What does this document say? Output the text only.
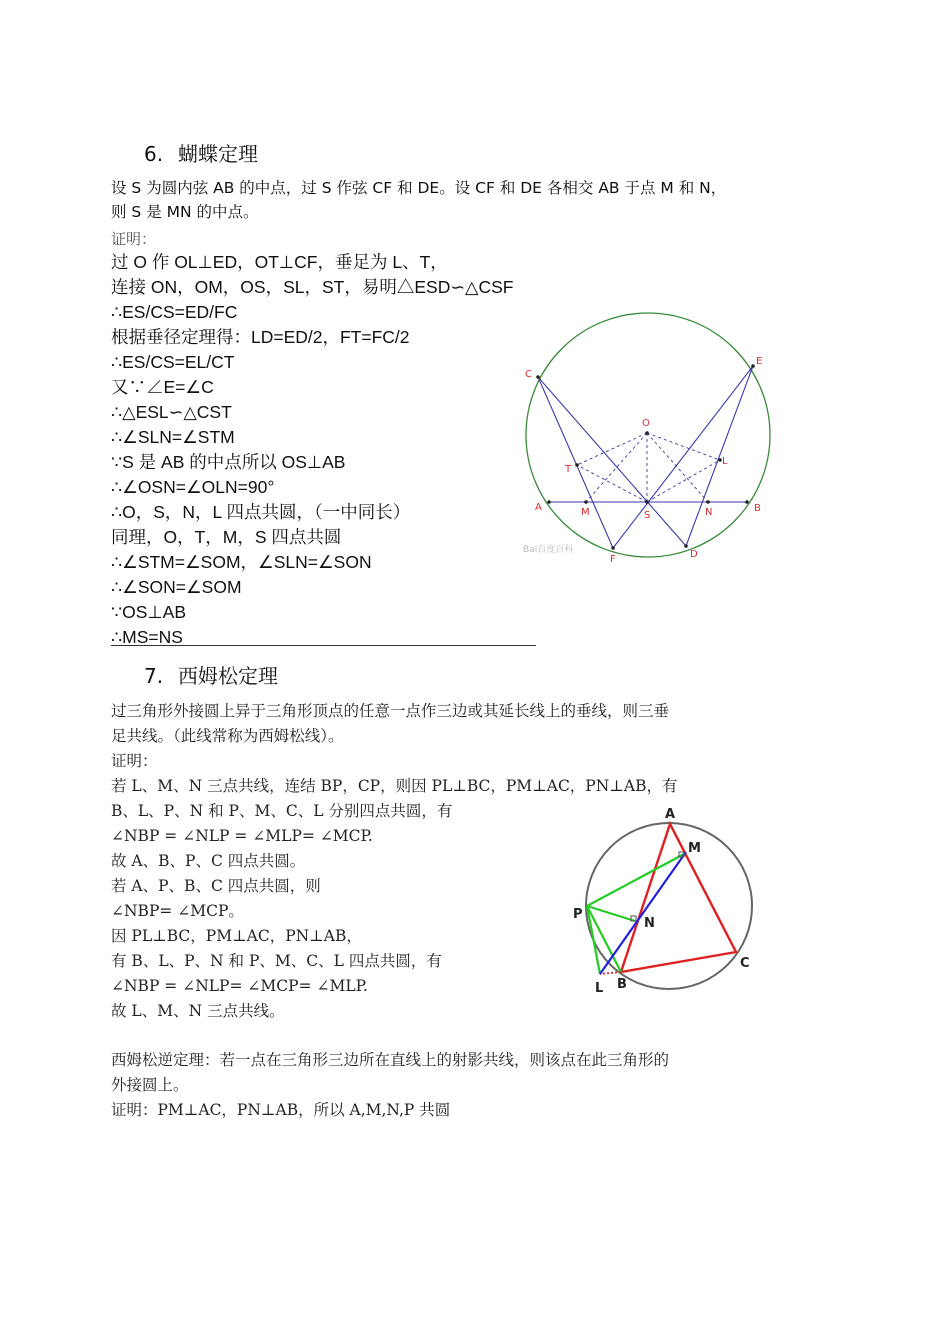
6. 蝴蝶定理
设 S 为圆内弦 AB 的中点，过 S 作弦 CF 和 DE。设 CF 和 DE 各相交 AB 于点 M 和 N，
则 S 是 MN 的中点。
证明：
过 O 作 OL⊥ED，OT⊥CF，垂足为 L、T，
连接 ON，OM，OS，SL，ST，易明△ESD∽△CSF
∴ES/CS=ED/FC
根据垂径定理得：LD=ED/2，FT=FC/2
∴ES/CS=EL/CT
又∵∠E=∠C
∴△ESL∽△CST
∴∠SLN=∠STM
∵S 是 AB 的中点所以 OS⊥AB
∴∠OSN=∠OLN=90°
∴O，S，N，L 四点共圆，（一中同长）
同理，O，T，M，S 四点共圆
∴∠STM=∠SOM，∠SLN=∠SON
∴∠SON=∠SOM
∵OS⊥AB
∴MS=NS
C
E
O
T
L
A	M	S	N	B
F	D
Bai百度百科
7. 西姆松定理
过三角形外接圆上异于三角形顶点的任意一点作三边或其延长线上的垂线，则三垂
足共线。（此线常称为西姆松线）。
证明：
若 L、M、N 三点共线，连结 BP，CP，则因 PL⊥BC，PM⊥AC，PN⊥AB，有
B、L、P、N 和 P、M、C、L 分别四点共圆，有
∠NBP = ∠NLP = ∠MLP= ∠MCP.
故 A、B、P、C 四点共圆。
若 A、P、B、C 四点共圆，则
∠NBP= ∠MCP。
因 PL⊥BC，PM⊥AC，PN⊥AB，
有 B、L、P、N 和 P、M、C、L 四点共圆，有
∠NBP = ∠NLP= ∠MCP= ∠MLP.
故 L、M、N 三点共线。
A
M
P
N
C
L B
西姆松逆定理：若一点在三角形三边所在直线上的射影共线，则该点在此三角形的
外接圆上。
证明：PM⊥AC，PN⊥AB，所以 A,M,N,P 共圆
